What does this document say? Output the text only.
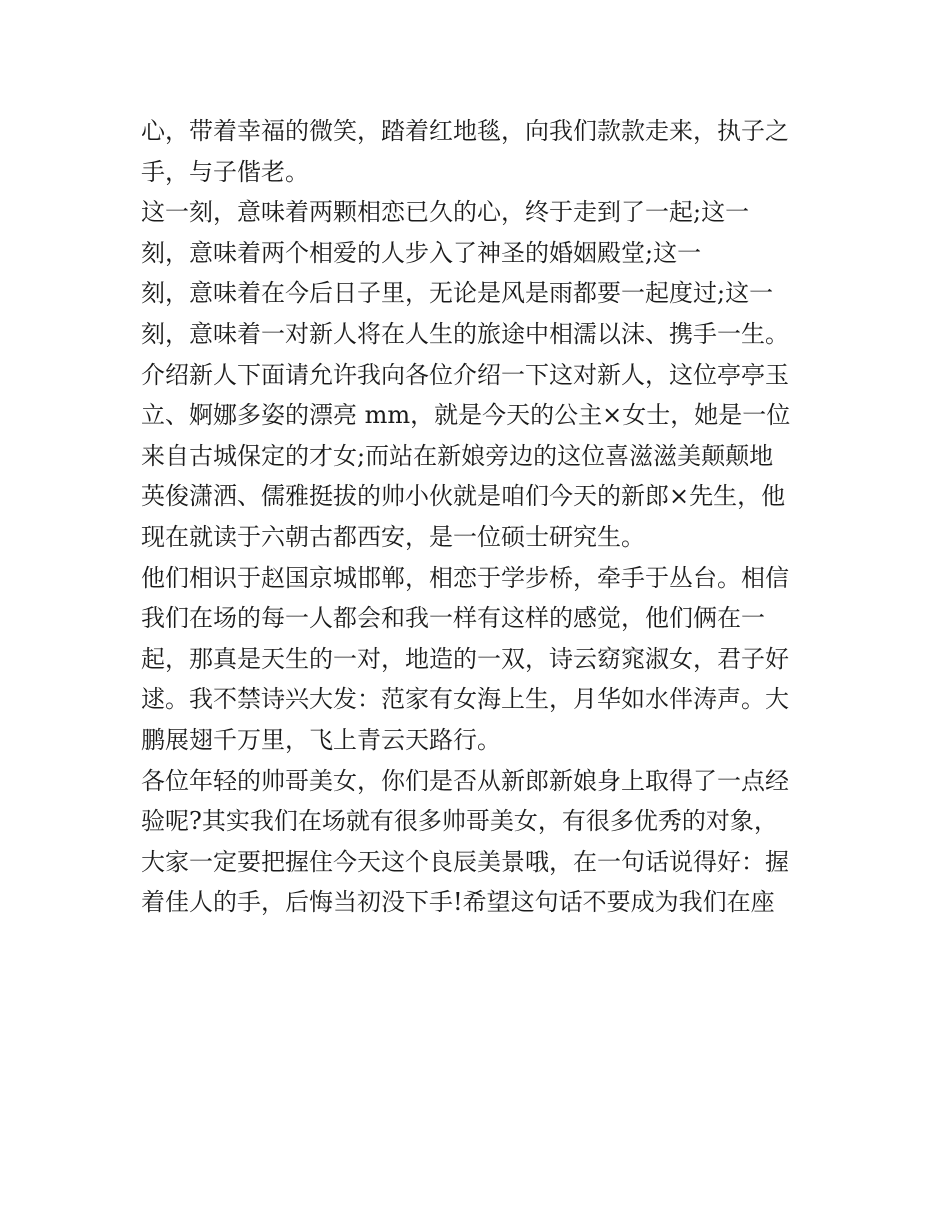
心，带着幸福的微笑，踏着红地毯，向我们款款走来，执子之
手，与子偕老。
这一刻，意味着两颗相恋已久的心，终于走到了一起;这一
刻，意味着两个相爱的人步入了神圣的婚姻殿堂;这一
刻，意味着在今后日子里，无论是风是雨都要一起度过;这一
刻，意味着一对新人将在人生的旅途中相濡以沫、携手一生。
介绍新人下面请允许我向各位介绍一下这对新人，这位亭亭玉
立、婀娜多姿的漂亮 mm，就是今天的公主×女士，她是一位
来自古城保定的才女;而站在新娘旁边的这位喜滋滋美颠颠地
英俊潇洒、儒雅挺拔的帅小伙就是咱们今天的新郎×先生，他
现在就读于六朝古都西安，是一位硕士研究生。
他们相识于赵国京城邯郸，相恋于学步桥，牵手于丛台。相信
我们在场的每一人都会和我一样有这样的感觉，他们俩在一
起，那真是天生的一对，地造的一双，诗云窈窕淑女，君子好
逑。我不禁诗兴大发：范家有女海上生，月华如水伴涛声。大
鹏展翅千万里，飞上青云天路行。
各位年轻的帅哥美女，你们是否从新郎新娘身上取得了一点经
验呢?其实我们在场就有很多帅哥美女，有很多优秀的对象，
大家一定要把握住今天这个良辰美景哦，在一句话说得好：握
着佳人的手，后悔当初没下手!希望这句话不要成为我们在座
